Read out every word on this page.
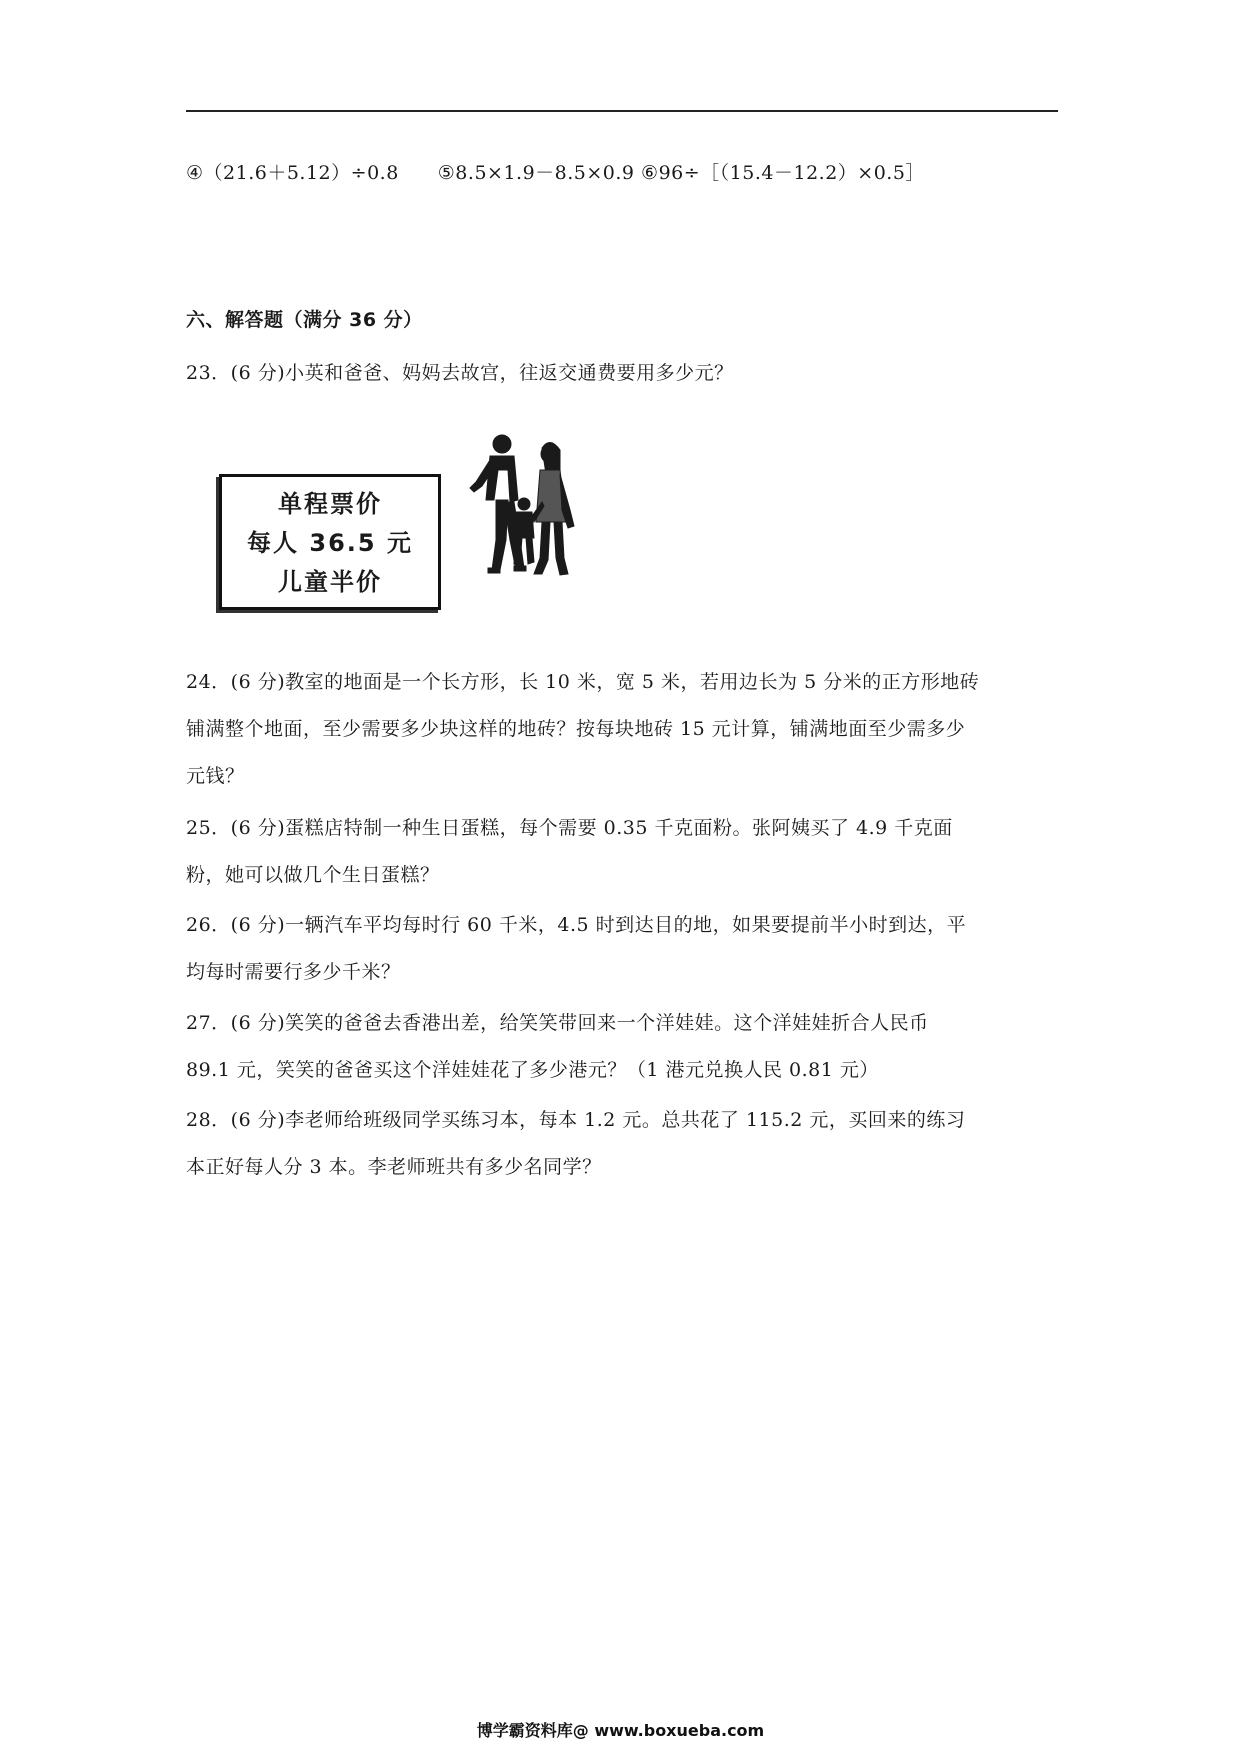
④（21.6＋5.12）÷0.8　　⑤8.5×1.9－8.5×0.9 ⑥96÷［（15.4－12.2）×0.5］
六、解答题（满分 36 分）
23．(6 分)小英和爸爸、妈妈去故宫，往返交通费要用多少元？
单程票价
每人 36.5 元
儿童半价
24．(6 分)教室的地面是一个长方形，长 10 米，宽 5 米，若用边长为 5 分米的正方形地砖
铺满整个地面，至少需要多少块这样的地砖？按每块地砖 15 元计算，铺满地面至少需多少
元钱？
25．(6 分)蛋糕店特制一种生日蛋糕，每个需要 0.35 千克面粉。张阿姨买了 4.9 千克面
粉，她可以做几个生日蛋糕？
26．(6 分)一辆汽车平均每时行 60 千米，4.5 时到达目的地，如果要提前半小时到达，平
均每时需要行多少千米？
27．(6 分)笑笑的爸爸去香港出差，给笑笑带回来一个洋娃娃。这个洋娃娃折合人民币
89.1 元，笑笑的爸爸买这个洋娃娃花了多少港元？（1 港元兑换人民 0.81 元）
28．(6 分)李老师给班级同学买练习本，每本 1.2 元。总共花了 115.2 元，买回来的练习
本正好每人分 3 本。李老师班共有多少名同学？
博学霸资料库@ www.boxueba.com
